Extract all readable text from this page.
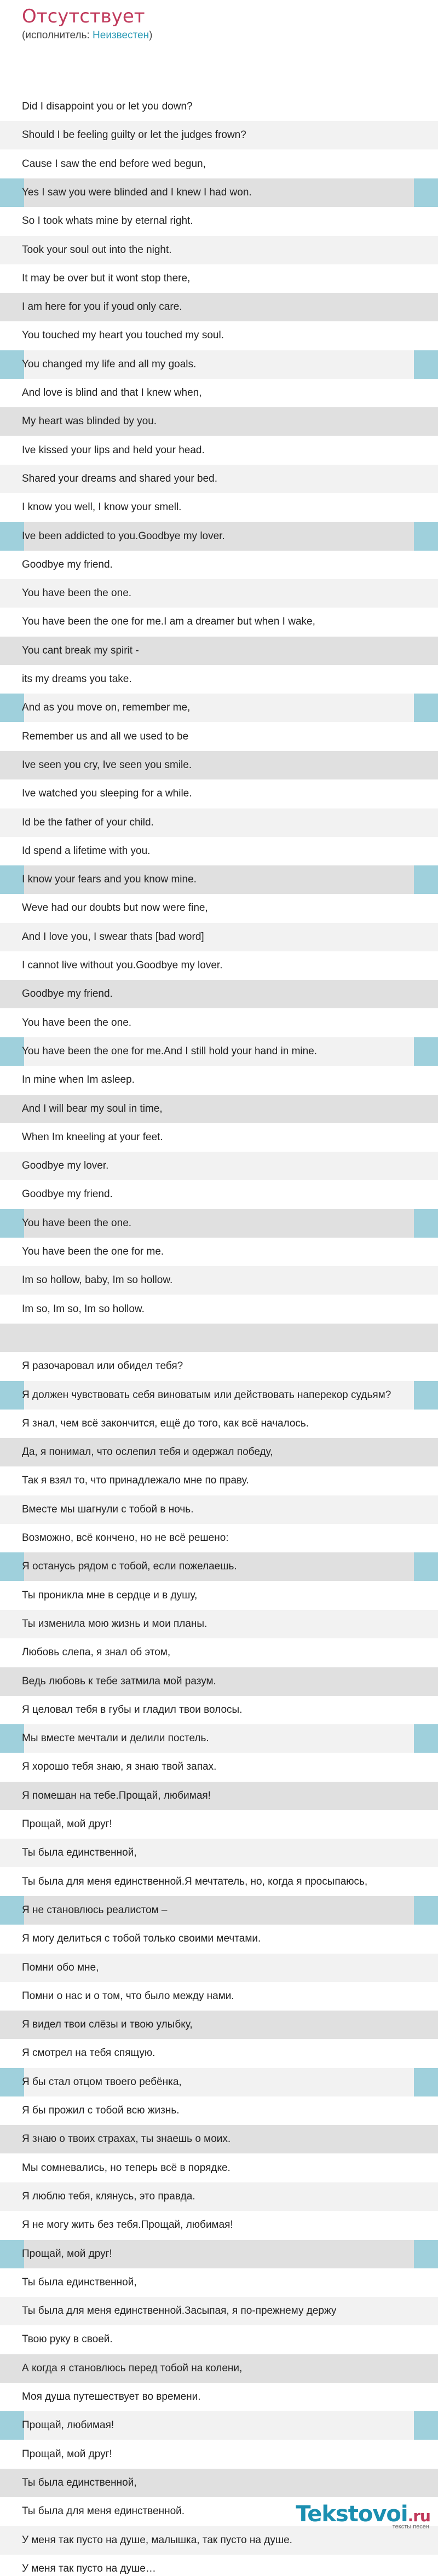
Отсутствует
(исполнитель: Неизвестен)
Did I disappoint you or let you down?
Should I be feeling guilty or let the judges frown?
Cause I saw the end before wed begun,
Yes I saw you were blinded and I knew I had won.
So I took whats mine by eternal right.
Took your soul out into the night.
It may be over but it wont stop there,
I am here for you if youd only care.
You touched my heart you touched my soul.
You changed my life and all my goals.
And love is blind and that I knew when,
My heart was blinded by you.
Ive kissed your lips and held your head.
Shared your dreams and shared your bed.
I know you well, I know your smell.
Ive been addicted to you.Goodbye my lover.
Goodbye my friend.
You have been the one.
You have been the one for me.I am a dreamer but when I wake,
You cant break my spirit -
its my dreams you take.
And as you move on, remember me,
Remember us and all we used to be
Ive seen you cry, Ive seen you smile.
Ive watched you sleeping for a while.
Id be the father of your child.
Id spend a lifetime with you.
I know your fears and you know mine.
Weve had our doubts but now were fine,
And I love you, I swear thats [bad word]
I cannot live without you.Goodbye my lover.
Goodbye my friend.
You have been the one.
You have been the one for me.And I still hold your hand in mine.
In mine when Im asleep.
And I will bear my soul in time,
When Im kneeling at your feet.
Goodbye my lover.
Goodbye my friend.
You have been the one.
You have been the one for me.
Im so hollow, baby, Im so hollow.
Im so, Im so, Im so hollow.
Я разочаровал или обидел тебя?
Я должен чувствовать себя виноватым или действовать наперекор судьям?
Я знал, чем всё закончится, ещё до того, как всё началось.
Да, я понимал, что ослепил тебя и одержал победу,
Так я взял то, что принадлежало мне по праву.
Вместе мы шагнули с тобой в ночь.
Возможно, всё кончено, но не всё решено:
Я останусь рядом с тобой, если пожелаешь.
Ты проникла мне в сердце и в душу,
Ты изменила мою жизнь и мои планы.
Любовь слепа, я знал об этом,
Ведь любовь к тебе затмила мой разум.
Я целовал тебя в губы и гладил твои волосы.
Мы вместе мечтали и делили постель.
Я хорошо тебя знаю, я знаю твой запах.
Я помешан на тебе.Прощай, любимая!
Прощай, мой друг!
Ты была единственной,
Ты была для меня единственной.Я мечтатель, но, когда я просыпаюсь,
Я не становлюсь реалистом –
Я могу делиться с тобой только своими мечтами.
Помни обо мне,
Помни о нас и о том, что было между нами.
Я видел твои слёзы и твою улыбку,
Я смотрел на тебя спящую.
Я бы стал отцом твоего ребёнка,
Я бы прожил с тобой всю жизнь.
Я знаю о твоих страхах, ты знаешь о моих.
Мы сомневались, но теперь всё в порядке.
Я люблю тебя, клянусь, это правда.
Я не могу жить без тебя.Прощай, любимая!
Прощай, мой друг!
Ты была единственной,
Ты была для меня единственной.Засыпая, я по-прежнему держу
Твою руку в своей.
А когда я становлюсь перед тобой на колени,
Моя душа путешествует во времени.
Прощай, любимая!
Прощай, мой друг!
Ты была единственной,
Ты была для меня единственной.
У меня так пусто на душе, малышка, так пусто на душе.
У меня так пусто на душе…
Tekstovoi.ru
тексты песен
